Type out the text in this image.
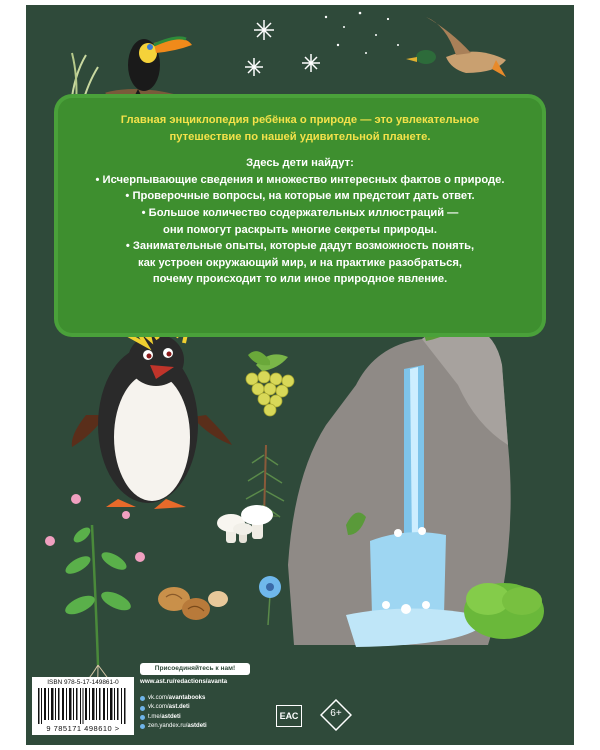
Главная энциклопедия ребёнка о природе — это увлекательное
путешествие по нашей удивительной планете.
Здесь дети найдут:
• Исчерпывающие сведения и множество интересных фактов о природе.
• Проверочные вопросы, на которые им предстоит дать ответ.
• Большое количество содержательных иллюстраций —
они помогут раскрыть многие секреты природы.
• Занимательные опыты, которые дадут возможность понять,
как устроен окружающий мир, и на практике разобраться,
почему происходит то или иное природное явление.
ISBN 978-5-17-149861-0
9 785171 498610 >
Присоединяйтесь к нам!
www.ast.ru/redactions/avanta
vk.com/ avantabooks
vk.com/ ast.deti
t.me/ astdeti
zen.yandex.ru/ astdeti
ЕАС	6+
